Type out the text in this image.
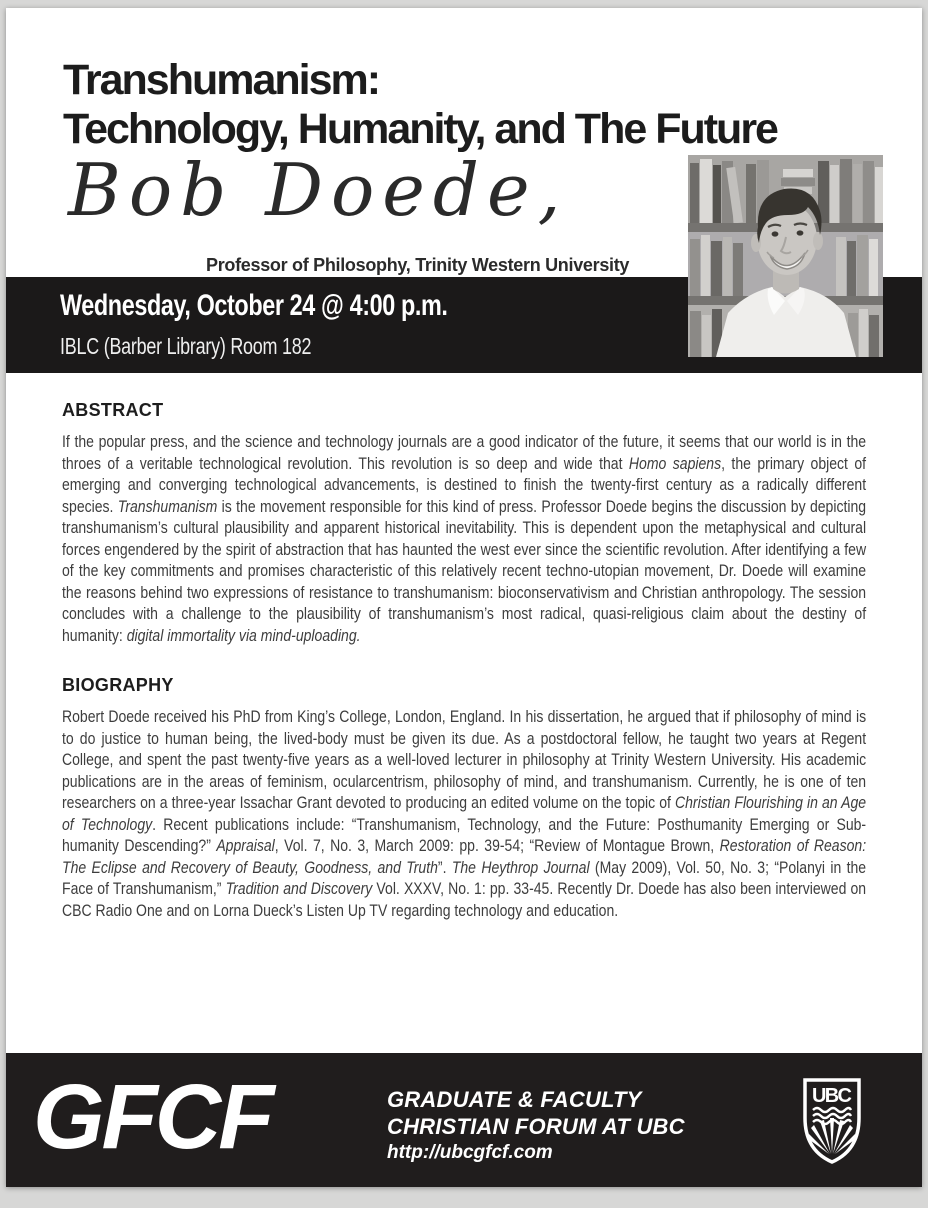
Transhumanism:
Technology, Humanity, and The Future
Bob Doede,
Professor of Philosophy, Trinity Western University
Wednesday, October 24 @ 4:00 p.m.
IBLC (Barber Library) Room 182
ABSTRACT

If the popular press, and the science and technology journals are a good indicator of the future, it seems that our world is in the throes of a veritable technological revolution. This revolution is so deep and wide that Homo sapiens, the primary object of emerging and converging technological advancements, is destined to finish the twenty-first century as a radically different species. Transhumanism is the movement responsible for this kind of press. Professor Doede begins the discussion by depicting transhumanism’s cultural plausibility and apparent historical inevitability. This is dependent upon the metaphysical and cultural forces engendered by the spirit of abstraction that has haunted the west ever since the scientific revolution. After identifying a few of the key commitments and promises characteristic of this relatively recent techno-utopian movement, Dr. Doede will examine the reasons behind two expressions of resistance to transhumanism: bioconservativism and Christian anthropology. The session concludes with a challenge to the plausibility of transhumanism’s most radical, quasi-religious claim about the destiny of humanity: digital immortality via mind-uploading.

BIOGRAPHY

Robert Doede received his PhD from King’s College, London, England. In his dissertation, he argued that if philosophy of mind is to do justice to human being, the lived-body must be given its due. As a postdoctoral fellow, he taught two years at Regent College, and spent the past twenty-five years as a well-loved lecturer in philosophy at Trinity Western University. His academic publications are in the areas of feminism, ocularcentrism, philosophy of mind, and transhumanism. Currently, he is one of ten researchers on a three-year Issachar Grant devoted to producing an edited volume on the topic of Christian Flourishing in an Age of Technology. Recent publications include: “Transhumanism, Technology, and the Future: Posthumanity Emerging or Sub-humanity Descending?” Appraisal, Vol. 7, No. 3, March 2009: pp. 39-54; “Review of Montague Brown, Restoration of Reason: The Eclipse and Recovery of Beauty, Goodness, and Truth”. The Heythrop Journal (May 2009), Vol. 50, No. 3; “Polanyi in the Face of Transhumanism,” Tradition and Discovery Vol. XXXV, No. 1: pp. 33-45. Recently Dr. Doede has also been interviewed on CBC Radio One and on Lorna Dueck’s Listen Up TV regarding technology and education.

GFCF	GRADUATE & FACULTY
CHRISTIAN FORUM AT UBC
http://ubcgfcf.com
UBC
